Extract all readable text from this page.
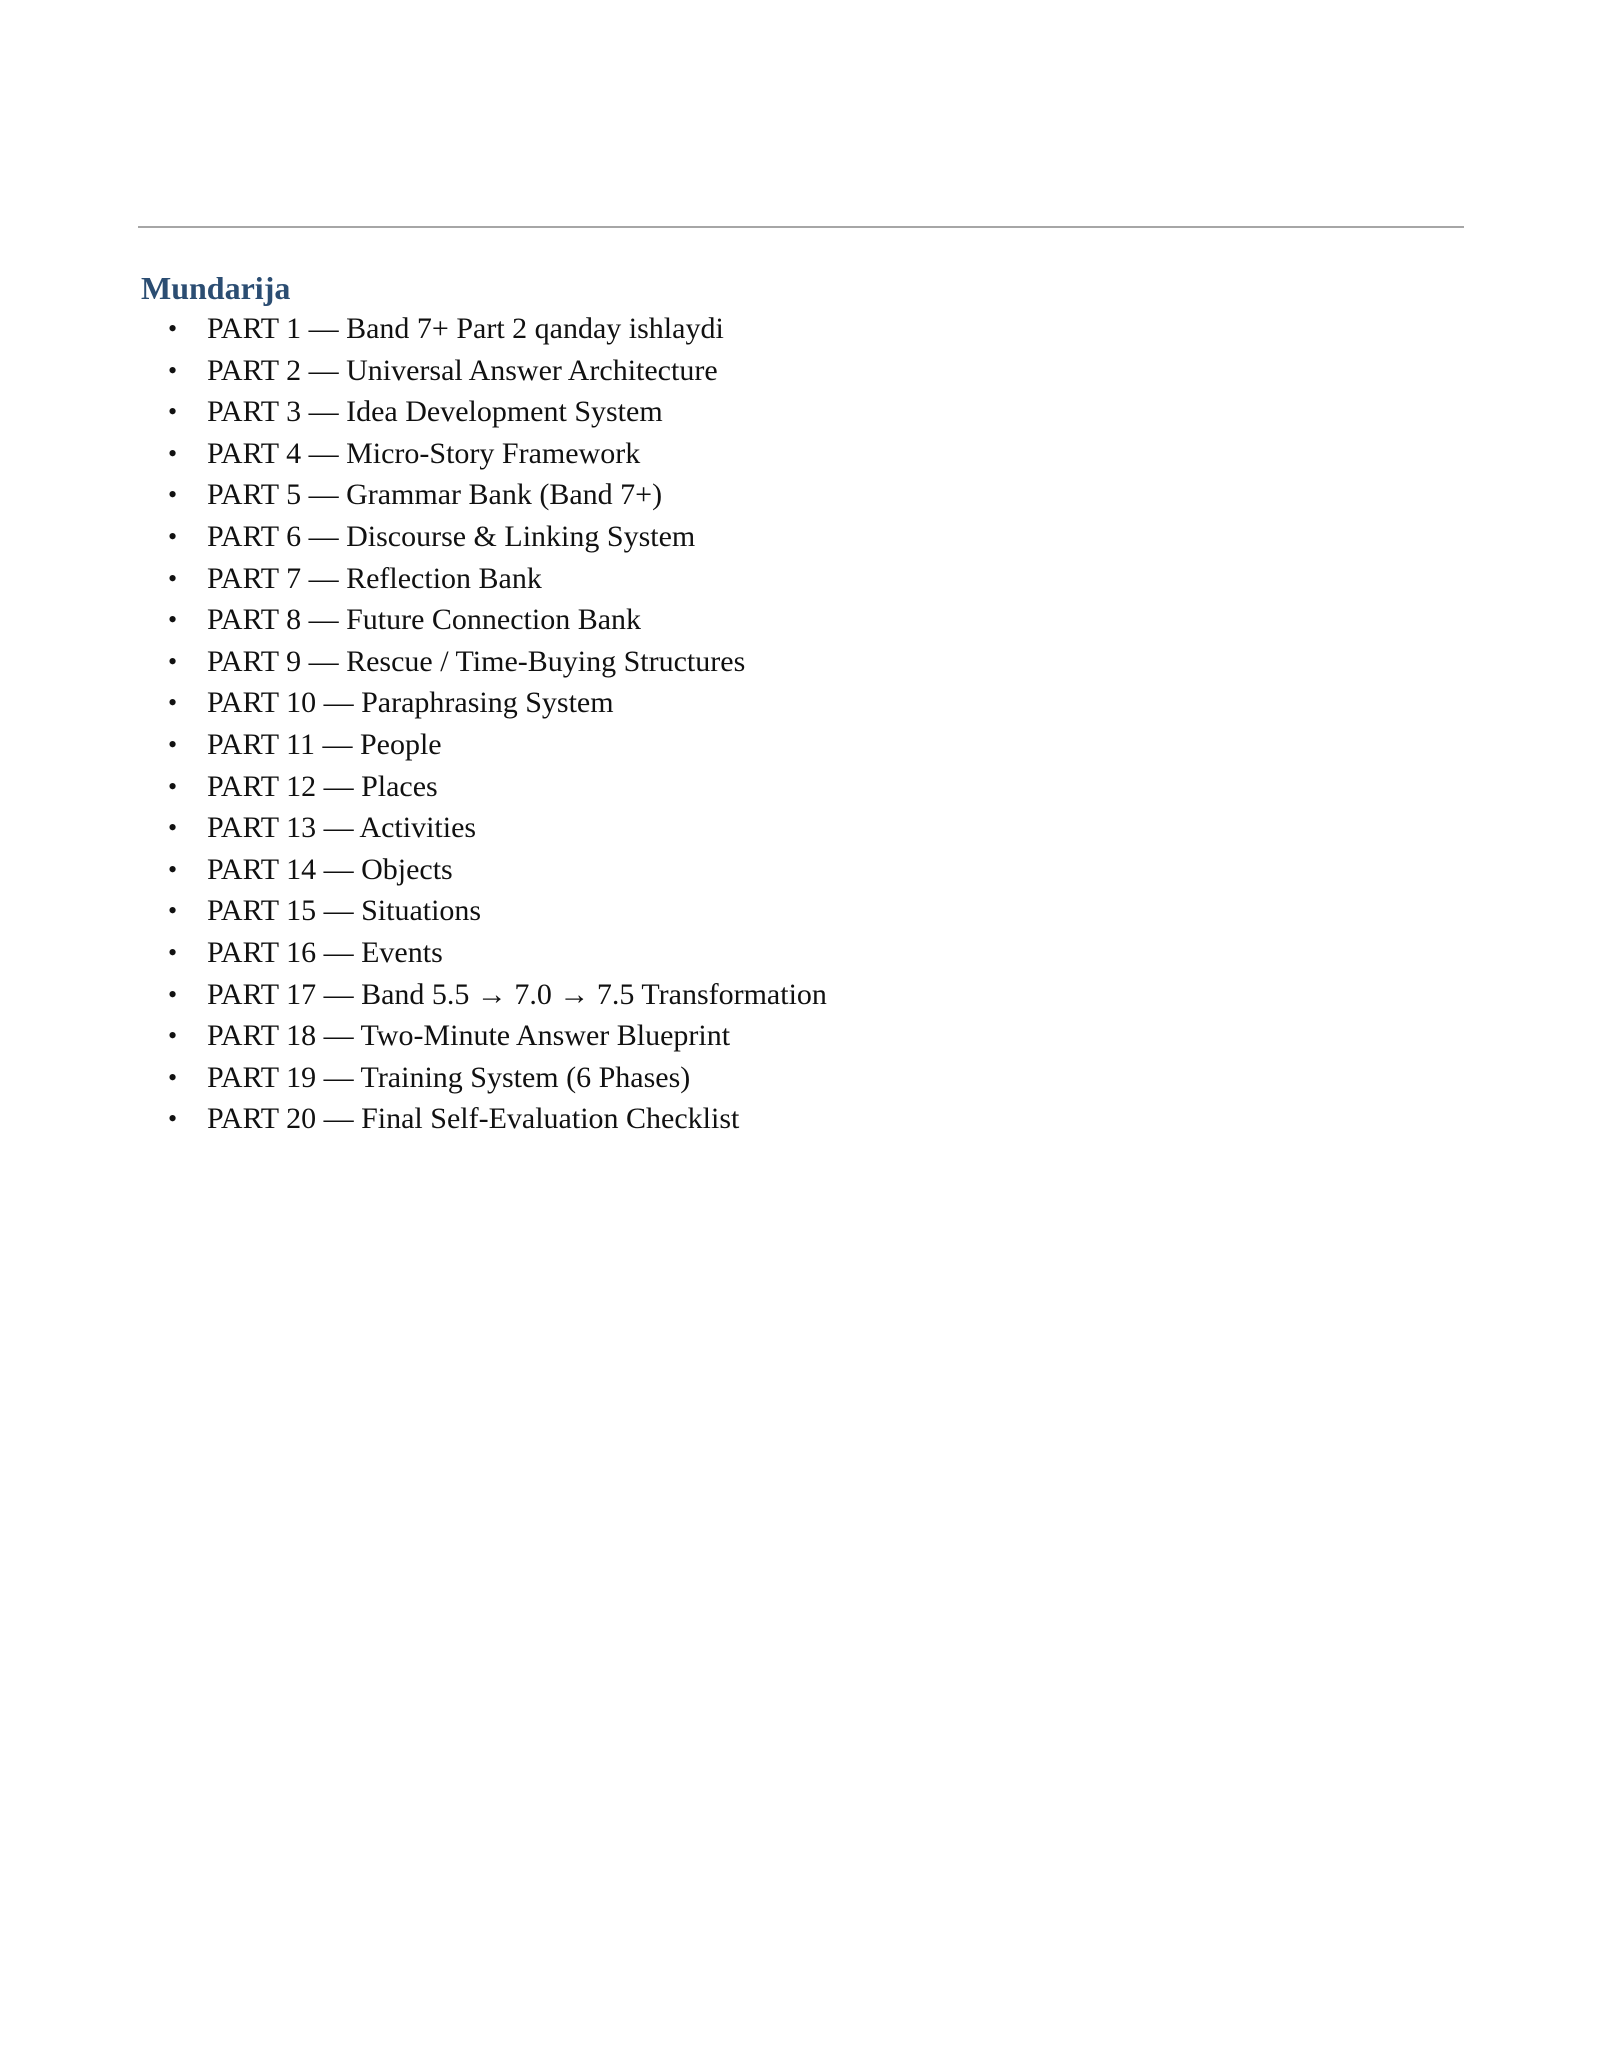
Mundarija
• PART 1 — Band 7+ Part 2 qanday ishlaydi
• PART 2 — Universal Answer Architecture
• PART 3 — Idea Development System
• PART 4 — Micro-Story Framework
• PART 5 — Grammar Bank (Band 7+)
• PART 6 — Discourse & Linking System
• PART 7 — Reflection Bank
• PART 8 — Future Connection Bank
• PART 9 — Rescue / Time-Buying Structures
• PART 10 — Paraphrasing System
• PART 11 — People
• PART 12 — Places
• PART 13 — Activities
• PART 14 — Objects
• PART 15 — Situations
• PART 16 — Events
• PART 17 — Band 5.5 → 7.0 → 7.5 Transformation
• PART 18 — Two-Minute Answer Blueprint
• PART 19 — Training System (6 Phases)
• PART 20 — Final Self-Evaluation Checklist
